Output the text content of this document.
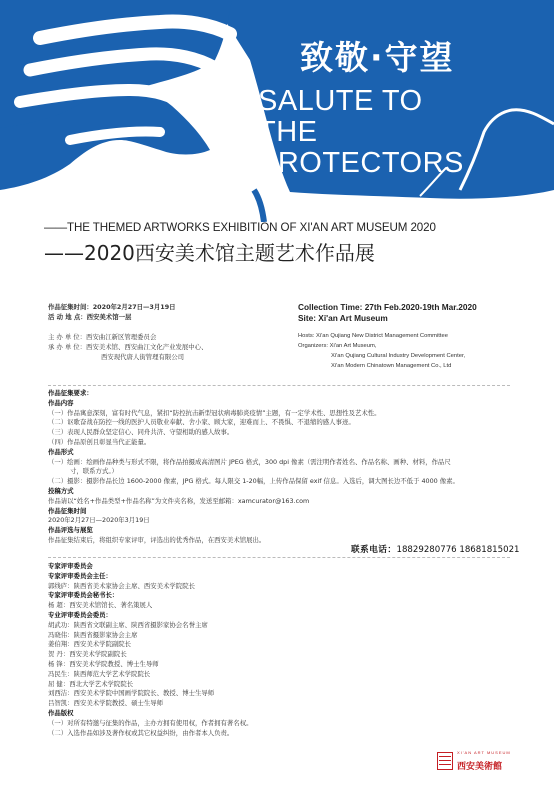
致敬·守望
SALUTE TO
THE
PROTECTORS
——THE THEMED ARTWORKS EXHIBITION OF XI'AN ART MUSEUM 2020
——2020西安美术馆主题艺术作品展
作品征集时间：2020年2月27日—3月19日
活 动 地 点：西安美术馆一层
主 办 单 位：西安曲江新区管理委员会
承 办 单 位：西安美术馆、西安曲江文化产业发展中心、
西安现代唐人街管理有限公司
Collection Time: 27th Feb.2020-19th Mar.2020
Site: Xi'an Art Museum
Hosts: Xi'an Qujiang New District Management Committee
Organizers: Xi'an Art Museum,
Xi'an Qujiang Cultural Industry Development Center,
Xi'an Modern Chinatown Management Co., Ltd
作品征集要求：
作品内容
（一）作品寓意深刻，富有时代气息，紧扣“防控抗击新型冠状病毒肺炎疫情”主题，有一定学术性、思想性及艺术性。
（二）讴歌奋战在防控一线的医护人员敬业奉献、舍小家、顾大家，迎难而上、不畏惧、不退缩的感人事迹。
（三）表现人民群众坚定信心、同舟共济、守望相助的感人故事。
（四）作品原创且彰显当代正能量。
作品形式
（一）绘画：绘画作品种类与形式不限，将作品拍摄成高清图片 JPEG 格式，300 dpi 像素（需注明作者姓名、作品名称、画种、材料，作品尺
寸，联系方式。）
（二）摄影：摄影作品长边 1600-2000 像素，JPG 格式。每人限交 1-20幅，上传作品保留 exif 信息。入选后，调大图长边不低于 4000 像素。
投稿方式
作品请以“姓名+作品类型+作品名称”为文件夹名称，发送至邮箱：xamcurator@163.com
作品征集时间
2020年2月27日—2020年3月19日
作品评选与展览
作品征集结束后，将组织专家评审，评选出的优秀作品，在西安美术馆展出。
联系电话：18829280776 18681815021
专家评审委员会
专家评审委员会主任：
郭线庐：陕西省美术家协会主席、西安美术学院院长
专家评审委员会秘书长：
杨 超：西安美术馆馆长、著名策展人
专业评审委员会委员：
胡武功：陕西省文联副主席、陕西省摄影家协会名誉主席
冯晓伟：陕西省摄影家协会主席
姜伯翔：西安美术学院副院长
贺 丹：西安美术学院副院长
杨 锋：西安美术学院教授、博士生导师
冯民生：陕西师范大学艺术学院院长
屈 健：西北大学艺术学院院长
刘西洁：西安美术学院中国画学院院长、教授、博士生导师
吕智凯：西安美术学院教授、硕士生导师
作品版权
（一）对所有特邀与征集的作品，主办方拥有使用权，作者拥有著名权。
（二）入选作品如涉及著作权或其它权益纠纷，由作者本人负责。
XI'AN ART MUSEUM
西安美術館
